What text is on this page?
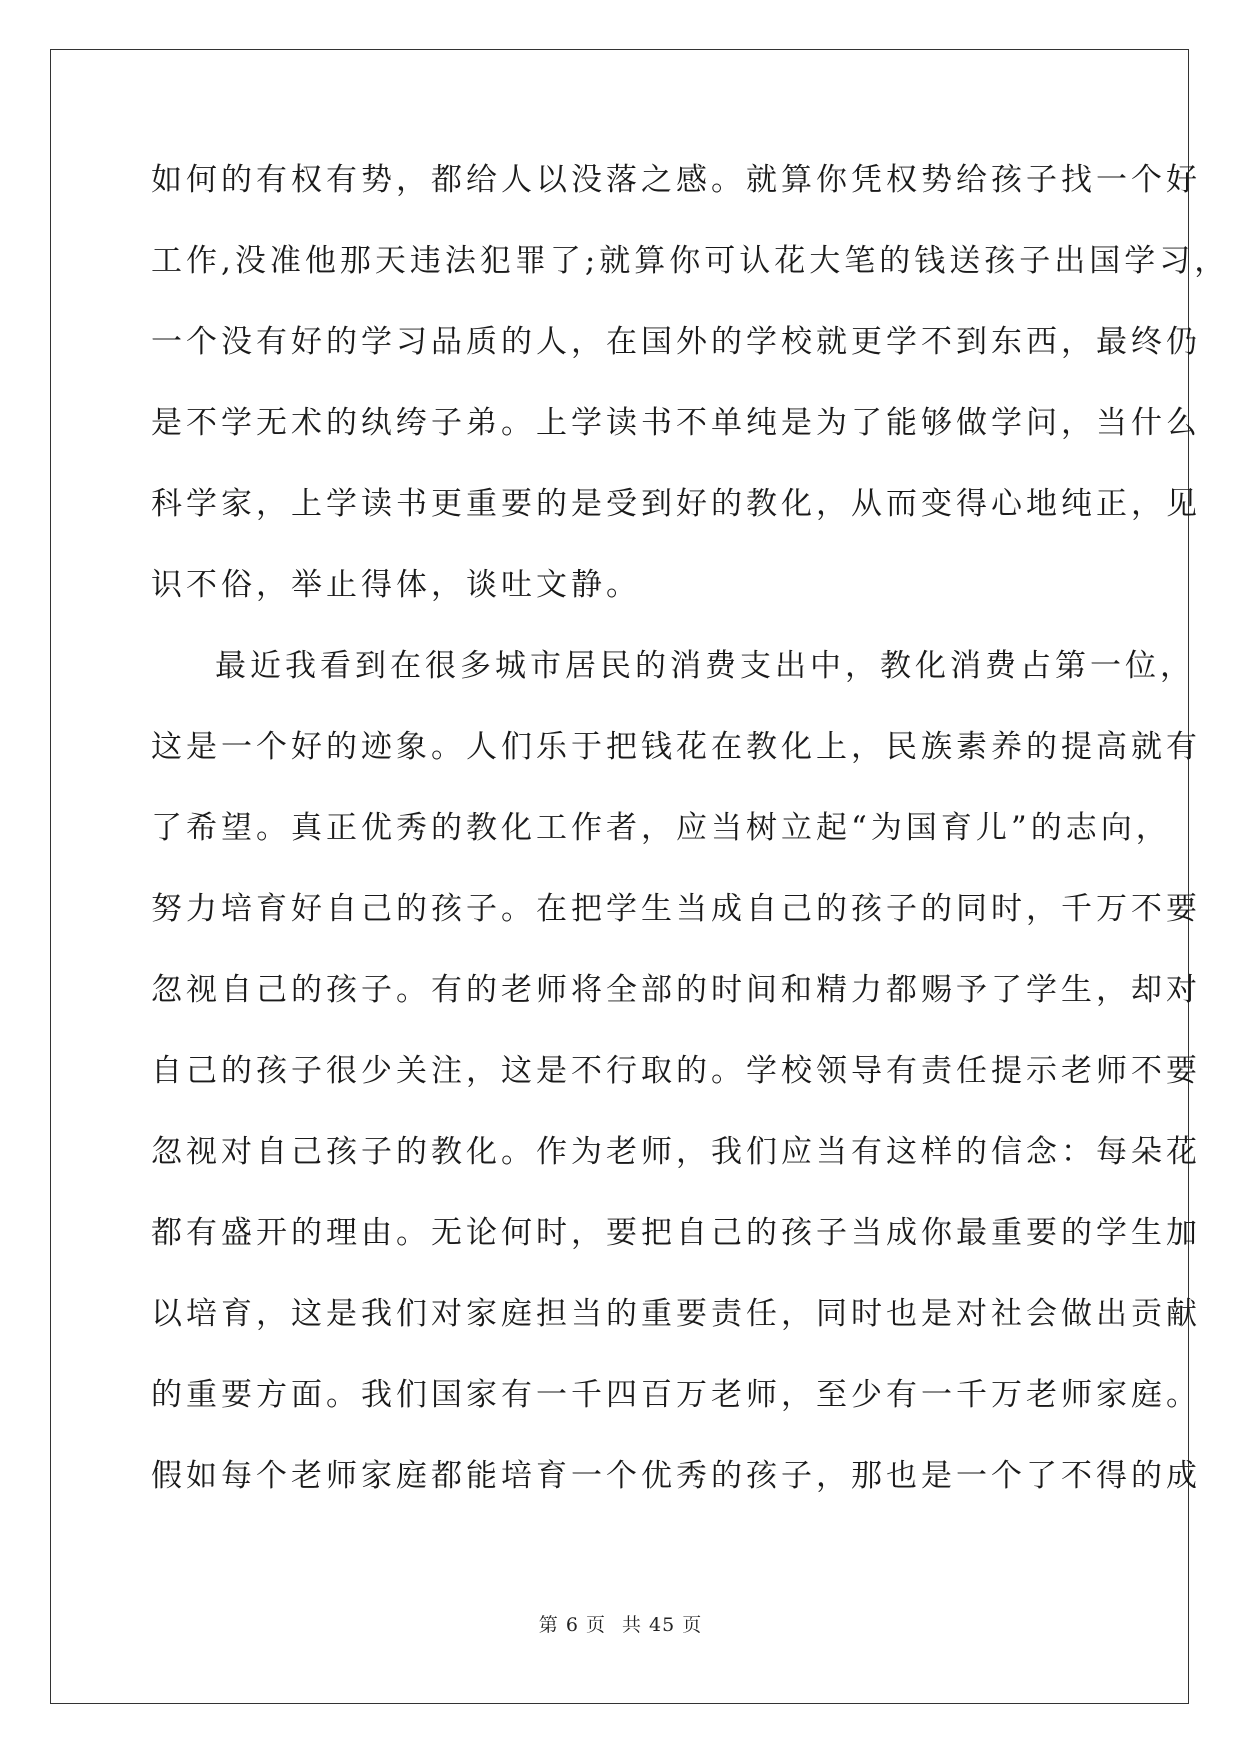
如何的有权有势，都给人以没落之感。就算你凭权势给孩子找一个好
工作,没准他那天违法犯罪了;就算你可认花大笔的钱送孩子出国学习，
一个没有好的学习品质的人，在国外的学校就更学不到东西，最终仍
是不学无术的纨绔子弟。上学读书不单纯是为了能够做学问，当什么
科学家，上学读书更重要的是受到好的教化，从而变得心地纯正，见
识不俗，举止得体，谈吐文静。
最近我看到在很多城市居民的消费支出中，教化消费占第一位，
这是一个好的迹象。人们乐于把钱花在教化上，民族素养的提高就有
了希望。真正优秀的教化工作者，应当树立起“为国育儿”的志向，
努力培育好自己的孩子。在把学生当成自己的孩子的同时，千万不要
忽视自己的孩子。有的老师将全部的时间和精力都赐予了学生，却对
自己的孩子很少关注，这是不行取的。学校领导有责任提示老师不要
忽视对自己孩子的教化。作为老师，我们应当有这样的信念：每朵花
都有盛开的理由。无论何时，要把自己的孩子当成你最重要的学生加
以培育，这是我们对家庭担当的重要责任，同时也是对社会做出贡献
的重要方面。我们国家有一千四百万老师，至少有一千万老师家庭。
假如每个老师家庭都能培育一个优秀的孩子，那也是一个了不得的成
第 6 页 共 45 页
